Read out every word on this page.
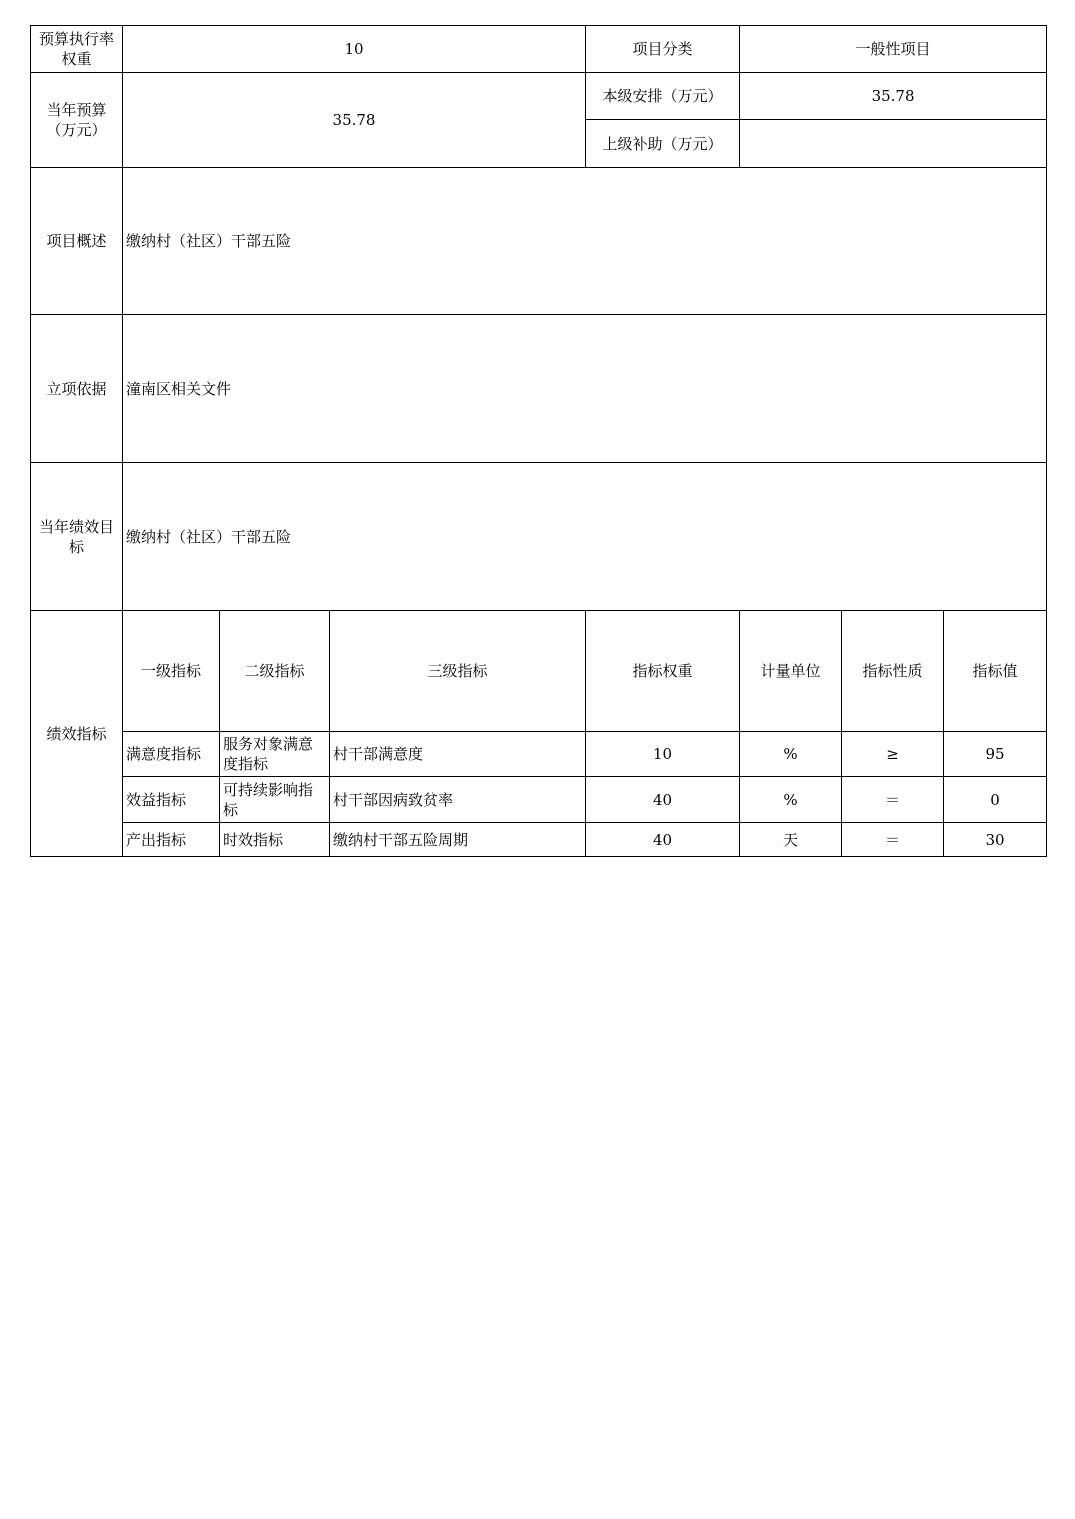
预算执行率权重	10			项目分类	一般性项目			
当年预算（万元）	35.78			本级安排（万元）	35.78			
				上级补助（万元）				
项目概述	缴纳村（社区）干部五险							
立项依据	潼南区相关文件							
当年绩效目标	缴纳村（社区）干部五险							
绩效指标	一级指标	二级指标	三级指标	指标权重	计量单位	指标性质	指标值	
	满意度指标	服务对象满意度指标	村干部满意度	10	%	≥	95	
	效益指标	可持续影响指标	村干部因病致贫率	40	%	＝	0	
	产出指标	时效指标	缴纳村干部五险周期	40	天	＝	30	
